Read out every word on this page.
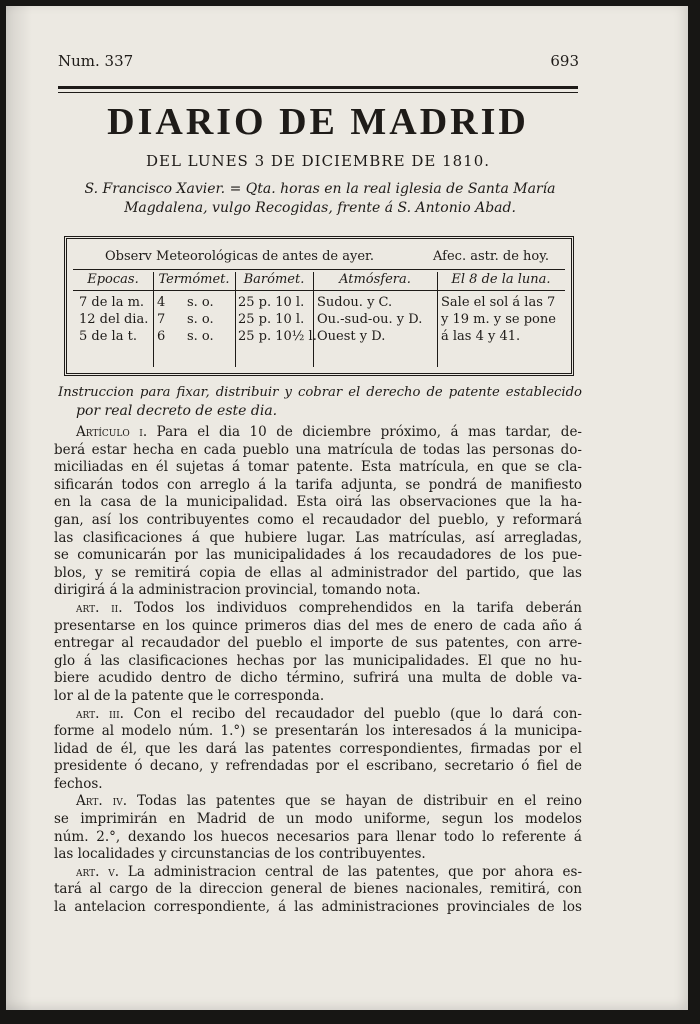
Num. 337	693
DIARIO DE MADRID
DEL LUNES 3 DE DICIEMBRE DE 1810.
S. Francisco Xavier. = Qta. horas en la real iglesia de Santa María Magdalena, vulgo Recogidas, frente á S. Antonio Abad.
Observ Meteorológicas de antes de ayer.	Afec. astr. de hoy.
Epocas.
7 de la m.
12 del dia.
5 de la t.
Termómet.
4 s. o.
7 s. o.
6 s. o.
Barómet.
25 p. 10 l.
25 p. 10 l.
25 p. 10½ l.
Atmósfera.
Sudou. y C.
Ou.-sud-ou. y D.
Ouest y D.
El 8 de la luna.
Sale el sol á las 7
y 19 m. y se pone
á las 4 y 41.
Instruccion para fixar, distribuir y cobrar el derecho de patente establecido
por real decreto de este dia.
Artículo i. Para el dia 10 de diciembre próximo, á mas tardar, de-
berá estar hecha en cada pueblo una matrícula de todas las personas do-
miciliadas en él sujetas á tomar patente. Esta matrícula, en que se cla-
sificarán todos con arreglo á la tarifa adjunta, se pondrá de manifiesto
en la casa de la municipalidad. Esta oirá las observaciones que la ha-
gan, así los contribuyentes como el recaudador del pueblo, y reformará
las clasificaciones á que hubiere lugar. Las matrículas, así arregladas,
se comunicarán por las municipalidades á los recaudadores de los pue-
blos, y se remitirá copia de ellas al administrador del partido, que las
dirigirá á la administracion provincial, tomando nota.
art. ii. Todos los individuos comprehendidos en la tarifa deberán
presentarse en los quince primeros dias del mes de enero de cada año á
entregar al recaudador del pueblo el importe de sus patentes, con arre-
glo á las clasificaciones hechas por las municipalidades. El que no hu-
biere acudido dentro de dicho término, sufrirá una multa de doble va-
lor al de la patente que le corresponda.
art. iii. Con el recibo del recaudador del pueblo (que lo dará con-
forme al modelo núm. 1.°) se presentarán los interesados á la municipa-
lidad de él, que les dará las patentes correspondientes, firmadas por el
presidente ó decano, y refrendadas por el escribano, secretario ó fiel de
fechos.
Art. iv. Todas las patentes que se hayan de distribuir en el reino
se imprimirán en Madrid de un modo uniforme, segun los modelos
núm. 2.°, dexando los huecos necesarios para llenar todo lo referente á
las localidades y circunstancias de los contribuyentes.
art. v. La administracion central de las patentes, que por ahora es-
tará al cargo de la direccion general de bienes nacionales, remitirá, con
la antelacion correspondiente, á las administraciones provinciales de los
